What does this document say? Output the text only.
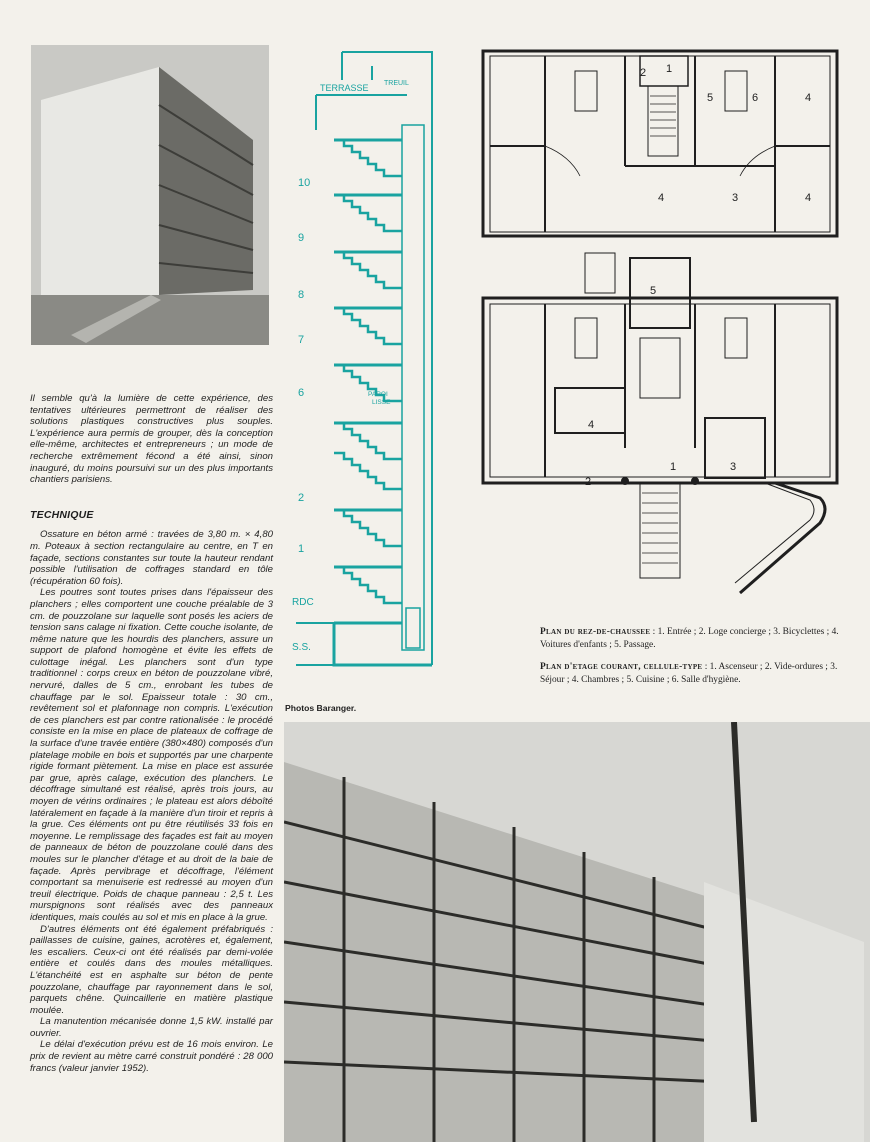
TERRASSE TREUIL
PAROI
LISSE
10
9
8
7
6
2
1
RDC
S.S.
2 1
5	6	4
4	3	4
5
4
1	3
2

Il semble qu'à la lumière de cette expérience, des tentatives ultérieures permettront de réaliser des solutions plastiques constructives plus souples. L'expérience aura permis de grouper, dès la conception elle-même, architectes et entrepreneurs ; un mode de recherche extrêmement fécond a été ainsi, sinon inauguré, du moins poursuivi sur un des plus importants chantiers parisiens.

TECHNIQUE

Ossature en béton armé : travées de 3,80 m. × 4,80 m. Poteaux à section rectangulaire au centre, en T en façade, sections constantes sur toute la hauteur rendant possible l'utilisation de coffrages standard en tôle (récupération 60 fois).

Les poutres sont toutes prises dans l'épaisseur des planchers ; elles comportent une couche préalable de 3 cm. de pouzzolane sur laquelle sont posés les aciers de tension sans calage ni fixation. Cette couche isolante, de même nature que les hourdis des planchers, assure un support de plafond homogène et évite les effets de culottage inégal. Les planchers sont d'un type traditionnel : corps creux en béton de pouzzolane vibré, nervuré, dalles de 5 cm., enrobant les tubes de chauffage par le sol. Epaisseur totale : 30 cm., revêtement sol et plafonnage non compris. L'exécution de ces planchers est par contre rationalisée : le procédé consiste en la mise en place de plateaux de coffrage de la surface d'une travée entière (380×480) composés d'un platelage mobile en bois et supportés par une charpente rigide formant piètement. La mise en place est assurée par grue, après calage, exécution des planchers. Le décoffrage simultané est réalisé, après trois jours, au moyen de vérins ordinaires ; le plateau est alors déboîté latéralement en façade à la manière d'un tiroir et repris à la grue. Ces éléments ont pu être réutilisés 33 fois en moyenne. Le remplissage des façades est fait au moyen de panneaux de béton de pouzzolane coulé dans des moules sur le plancher d'étage et au droit de la baie de façade. Après pervibrage et décoffrage, l'élément comportant sa menuiserie est redressé au moyen d'un treuil électrique. Poids de chaque panneau : 2,5 t. Les murspignons sont réalisés avec des panneaux identiques, mais coulés au sol et mis en place à la grue.

D'autres éléments ont été également préfabriqués : paillasses de cuisine, gaines, acrotères et, également, les escaliers. Ceux-ci ont été réalisés par demi-volée entière et coulés dans des moules métalliques. L'étanchéité est en asphalte sur béton de pente pouzzolane, chauffage par rayonnement dans le sol, parquets chêne. Quincaillerie en matière plastique moulée.

La manutention mécanisée donne 1,5 kW. installé par ouvrier.

Le délai d'exécution prévu est de 16 mois environ. Le prix de revient au mètre carré construit pondéré : 28 000 francs (valeur janvier 1952).

Plan du rez-de-chaussee : 1. Entrée ; 2. Loge concierge ; 3. Bicyclettes ; 4. Voitures d'enfants ; 5. Passage.

Plan d'etage courant, cellule-type : 1. Ascenseur ; 2. Vide-ordures ; 3. Séjour ; 4. Chambres ; 5. Cuisine ; 6. Salle d'hygiène.

Photos Baranger.
